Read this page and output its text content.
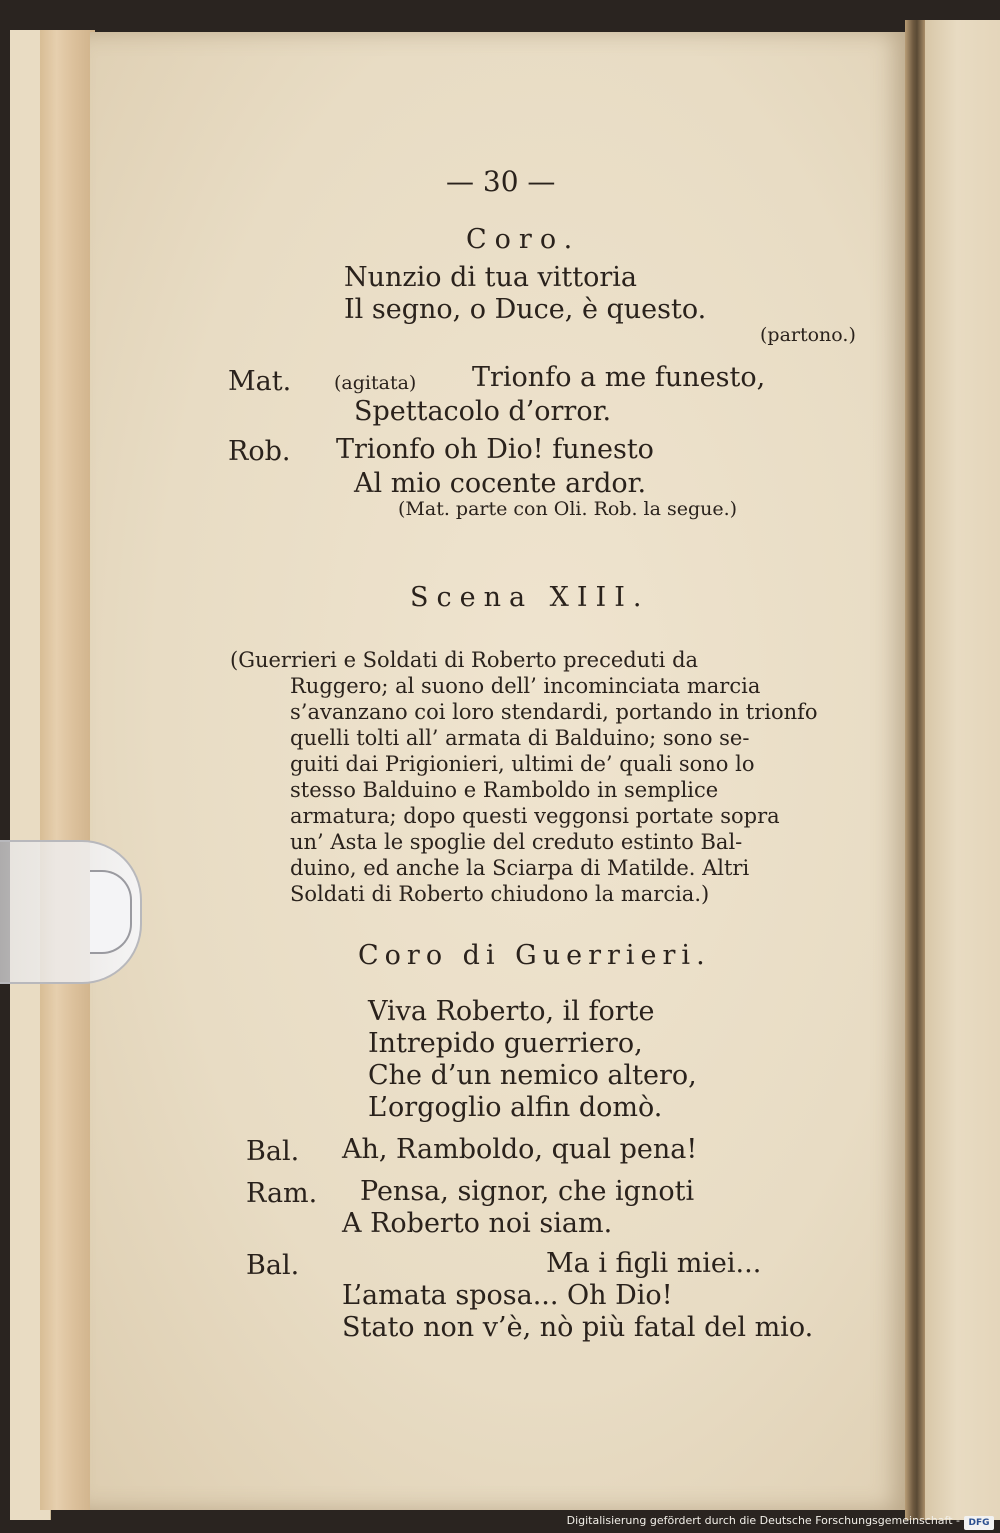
— 30 —
Coro.
Nunzio di tua vittoria
Il segno, o Duce, è questo.
(partono.)
Mat. (agitata) Trionfo a me funesto,
Spettacolo d’orror.
Rob. Trionfo oh Dio! funesto
Al mio cocente ardor.
(Mat. parte con Oli. Rob. la segue.)
Scena XIII.
(Guerrieri e Soldati di Roberto preceduti da
Ruggero; al suono dell’ incominciata marcia
s’avanzano coi loro stendardi, portando in trionfo
quelli tolti all’ armata di Balduino; sono se-
guiti dai Prigionieri, ultimi de’ quali sono lo
stesso Balduino e Ramboldo in semplice
armatura; dopo questi veggonsi portate sopra
un’ Asta le spoglie del creduto estinto Bal-
duino, ed anche la Sciarpa di Matilde. Altri
Soldati di Roberto chiudono la marcia.)
Coro di Guerrieri.
Viva Roberto, il forte
Intrepido guerriero,
Che d’un nemico altero,
L’orgoglio alfin domò.
Bal. Ah, Ramboldo, qual pena!
Ram. Pensa, signor, che ignoti
A Roberto noi siam.
Bal.	Ma i figli miei...
L’amata sposa... Oh Dio!
Stato non v’è, nò più fatal del mio.
Digitalisierung gefördert durch die Deutsche Forschungsgemeinschaft - DFG
